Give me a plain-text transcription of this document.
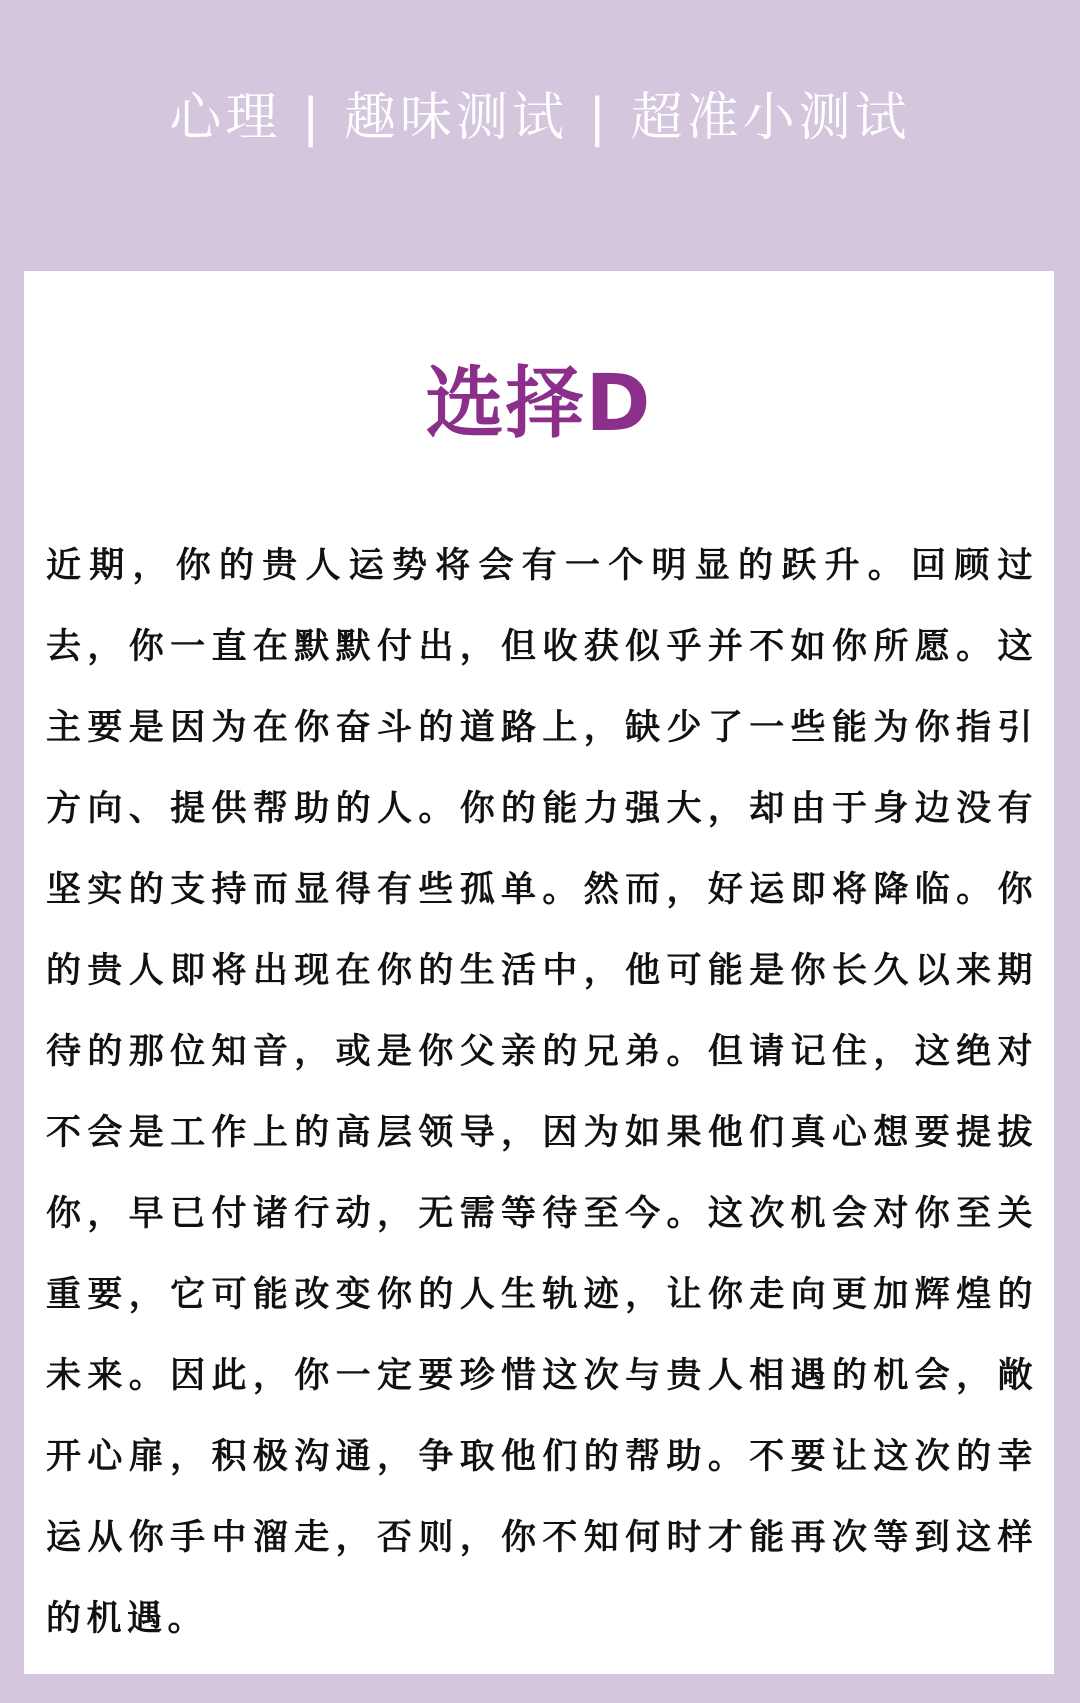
心理 | 趣味测试 | 超准小测试
选择D
近期，你的贵人运势将会有一个明显的跃升。回顾过去，你一直在默默付出，但收获似乎并不如你所愿。这主要是因为在你奋斗的道路上，缺少了一些能为你指引方向、提供帮助的人。你的能力强大，却由于身边没有坚实的支持而显得有些孤单。然而，好运即将降临。你的贵人即将出现在你的生活中，他可能是你长久以来期待的那位知音，或是你父亲的兄弟。但请记住，这绝对不会是工作上的高层领导，因为如果他们真心想要提拔你，早已付诸行动，无需等待至今。这次机会对你至关重要，它可能改变你的人生轨迹，让你走向更加辉煌的未来。因此，你一定要珍惜这次与贵人相遇的机会，敞开心扉，积极沟通，争取他们的帮助。不要让这次的幸运从你手中溜走，否则，你不知何时才能再次等到这样的机遇。
